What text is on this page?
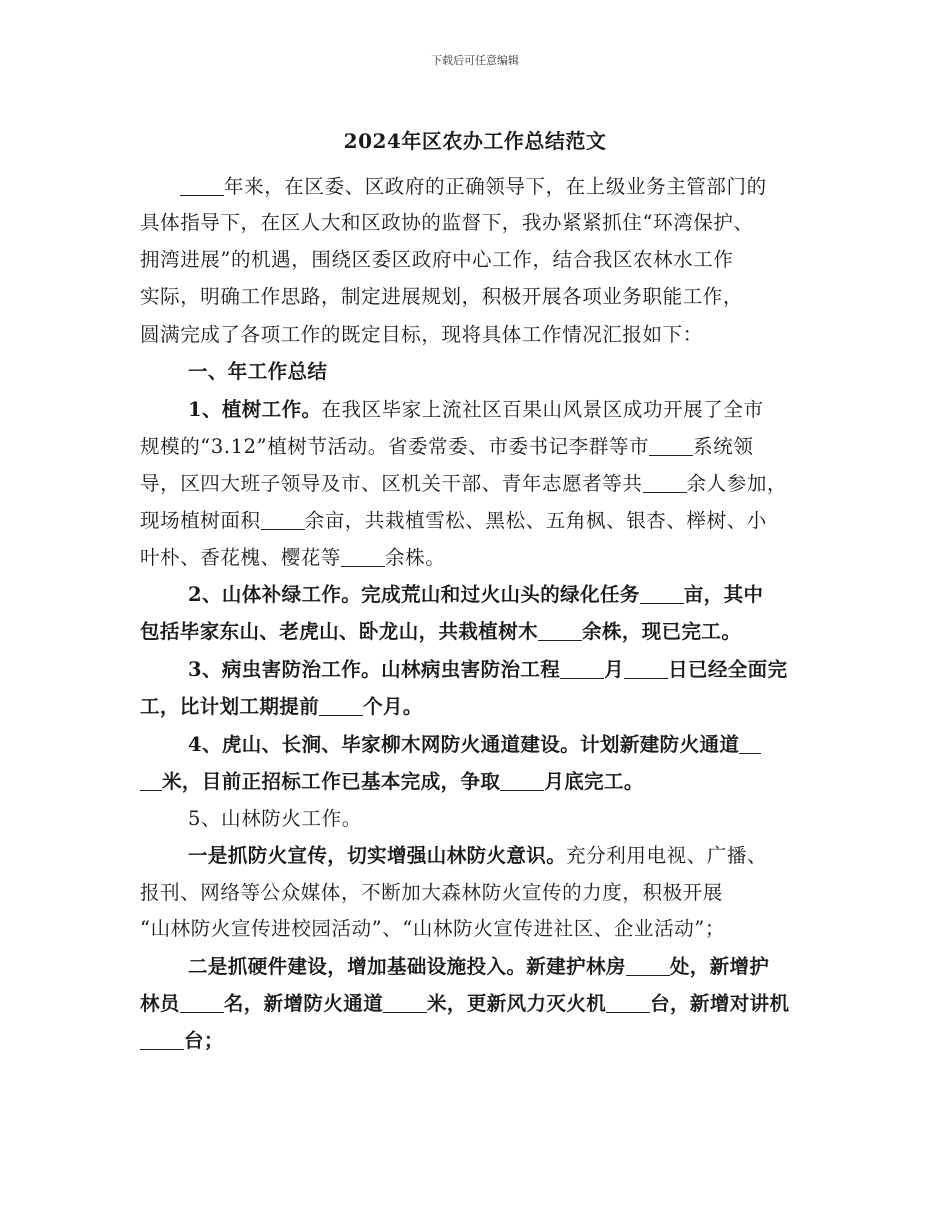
下载后可任意编辑
2024年区农办工作总结范文
年来，在区委、区政府的正确领导下，在上级业务主管部门的
具体指导下，在区人大和区政协的监督下，我办紧紧抓住“环湾保护、
拥湾进展”的机遇，围绕区委区政府中心工作，结合我区农林水工作
实际，明确工作思路，制定进展规划，积极开展各项业务职能工作，
圆满完成了各项工作的既定目标，现将具体工作情况汇报如下：
一、年工作总结
1、植树工作。在我区毕家上流社区百果山风景区成功开展了全市
规模的“3.12”植树节活动。省委常委、市委书记李群等市 系统领
导，区四大班子领导及市、区机关干部、青年志愿者等共 余人参加，
现场植树面积 余亩，共栽植雪松、黑松、五角枫、银杏、榉树、小
叶朴、香花槐、樱花等 余株。
2、山体补绿工作。完成荒山和过火山头的绿化任务 亩，其中
包括毕家东山、老虎山、卧龙山，共栽植树木 余株，现已完工。
3、病虫害防治工作。山林病虫害防治工程 月 日已经全面完
工，比计划工期提前 个月。
4、虎山、长涧、毕家柳木网防火通道建设。计划新建防火通道
米，目前正招标工作已基本完成，争取 月底完工。
5、山林防火工作。
一是抓防火宣传，切实增强山林防火意识。充分利用电视、广播、
报刊、网络等公众媒体，不断加大森林防火宣传的力度，积极开展
“山林防火宣传进校园活动”、“山林防火宣传进社区、企业活动”；
二是抓硬件建设，增加基础设施投入。新建护林房 处，新增护
林员 名，新增防火通道 米，更新风力灭火机 台，新增对讲机
台；
